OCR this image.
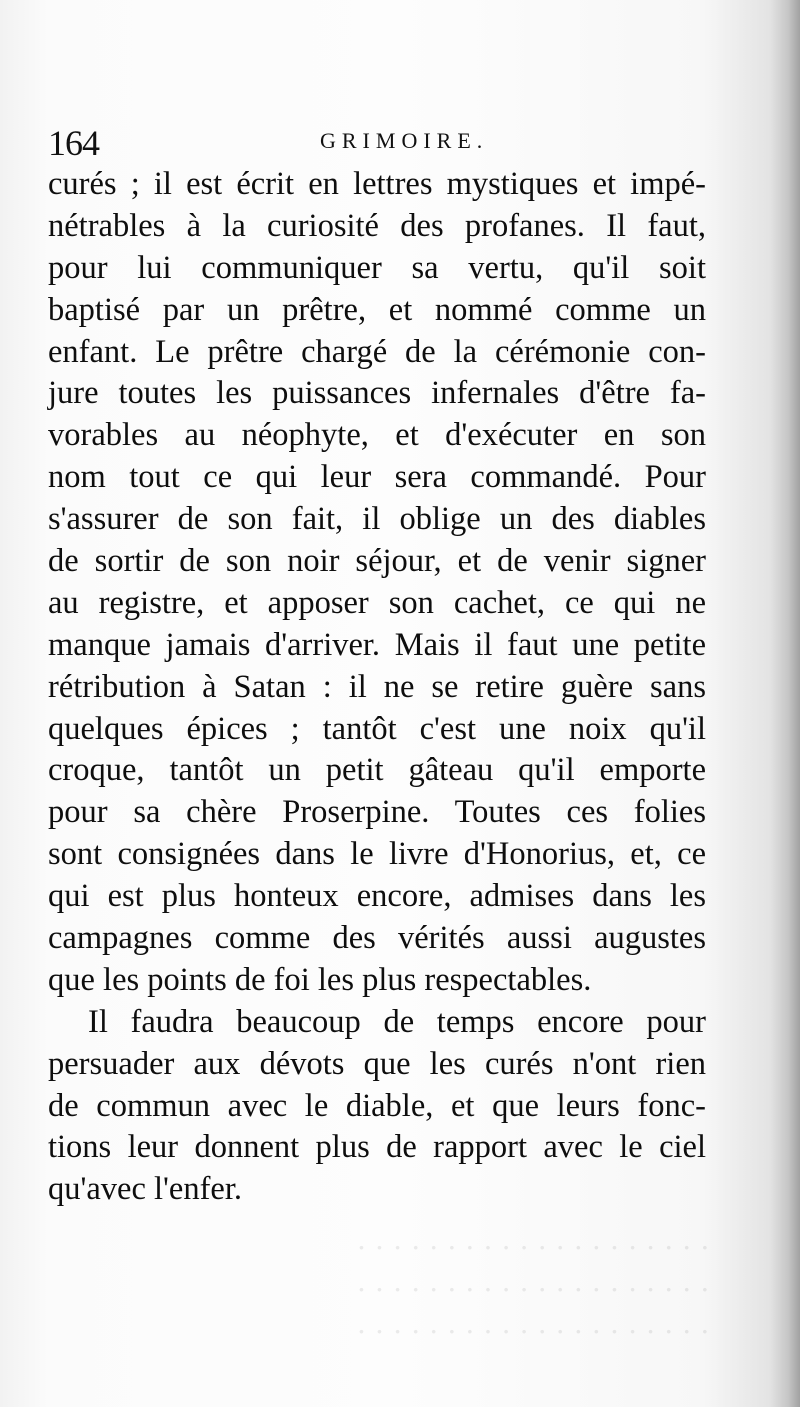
· · · · · · · · · · · · · · · · · · · ·
· · · · · · · · · · · · · · · · · · · ·
· · · · · · · · · · · · · · · · · · · ·
164	GRIMOIRE.
curés ; il est écrit en lettres mystiques et impé-
nétrables à la curiosité des profanes. Il faut,
pour lui communiquer sa vertu, qu'il soit
baptisé par un prêtre, et nommé comme un
enfant. Le prêtre chargé de la cérémonie con-
jure toutes les puissances infernales d'être fa-
vorables au néophyte, et d'exécuter en son
nom tout ce qui leur sera commandé. Pour
s'assurer de son fait, il oblige un des diables
de sortir de son noir séjour, et de venir signer
au registre, et apposer son cachet, ce qui ne
manque jamais d'arriver. Mais il faut une petite
rétribution à Satan : il ne se retire guère sans
quelques épices ; tantôt c'est une noix qu'il
croque, tantôt un petit gâteau qu'il emporte
pour sa chère Proserpine. Toutes ces folies
sont consignées dans le livre d'Honorius, et, ce
qui est plus honteux encore, admises dans les
campagnes comme des vérités aussi augustes
que les points de foi les plus respectables.
Il faudra beaucoup de temps encore pour
persuader aux dévots que les curés n'ont rien
de commun avec le diable, et que leurs fonc-
tions leur donnent plus de rapport avec le ciel
qu'avec l'enfer.
